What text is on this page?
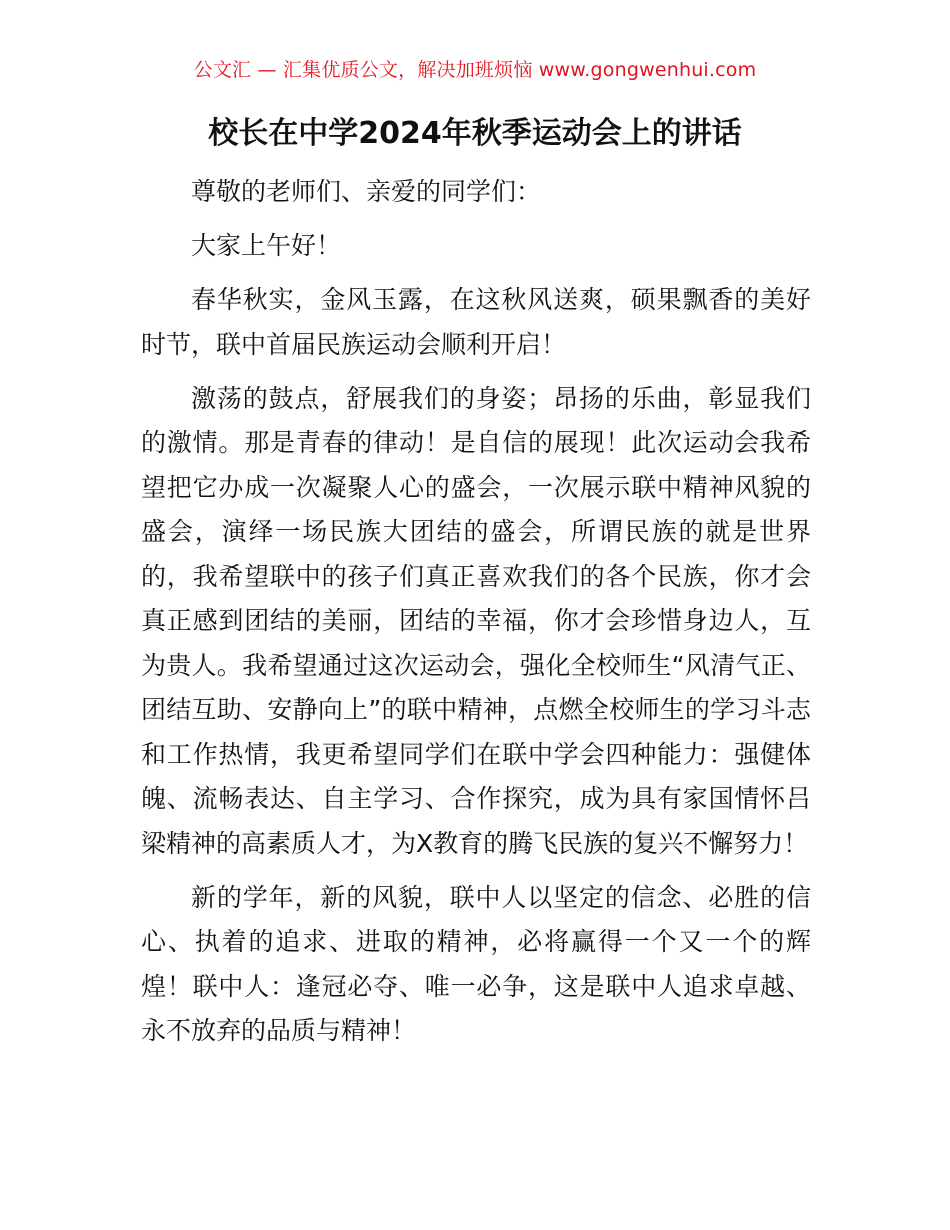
公文汇 — 汇集优质公文，解决加班烦恼 www.gongwenhui.com
校长在中学2024年秋季运动会上的讲话

尊敬的老师们、亲爱的同学们：

大家上午好！

春华秋实，金风玉露，在这秋风送爽，硕果飘香的美好时节，联中首届民族运动会顺利开启！

激荡的鼓点，舒展我们的身姿；昂扬的乐曲，彰显我们的激情。那是青春的律动！是自信的展现！此次运动会我希望把它办成一次凝聚人心的盛会，一次展示联中精神风貌的盛会，演绎一场民族大团结的盛会，所谓民族的就是世界的，我希望联中的孩子们真正喜欢我们的各个民族，你才会真正感到团结的美丽，团结的幸福，你才会珍惜身边人，互为贵人。我希望通过这次运动会，强化全校师生“风清气正、团结互助、安静向上”的联中精神，点燃全校师生的学习斗志和工作热情，我更希望同学们在联中学会四种能力：强健体魄、流畅表达、自主学习、合作探究，成为具有家国情怀吕梁精神的高素质人才，为X教育的腾飞民族的复兴不懈努力！

新的学年，新的风貌，联中人以坚定的信念、必胜的信心、执着的追求、进取的精神，必将赢得一个又一个的辉煌！联中人：逢冠必夺、唯一必争，这是联中人追求卓越、永不放弃的品质与精神！
